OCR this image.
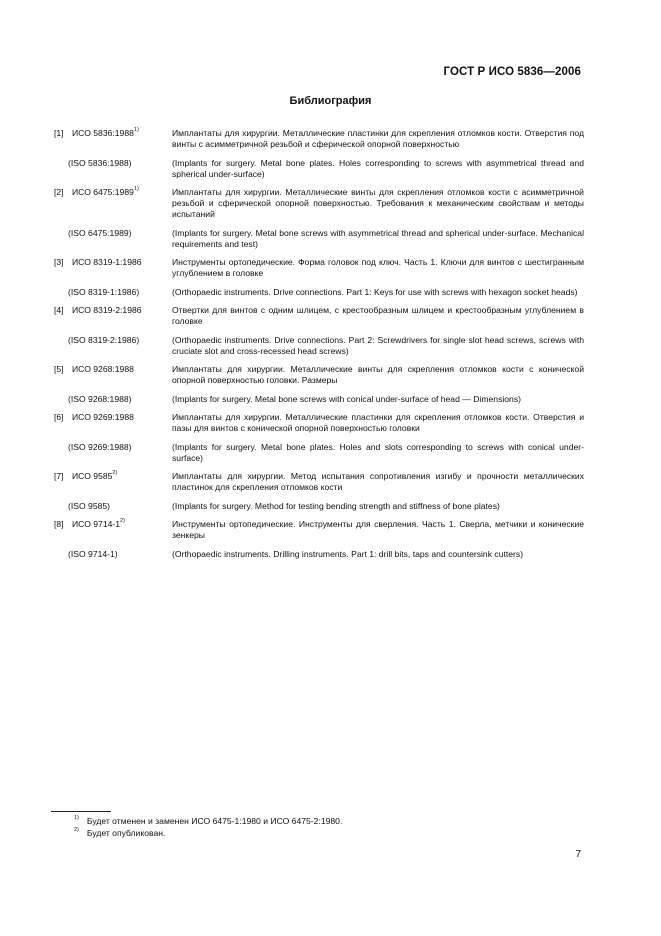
ГОСТ Р ИСО 5836—2006
Библиография
[1] ИСО 5836:1988$^{1)}$	Имплантаты для хирургии. Металлические пластинки для скрепления отломков кости. Отверстия под винты с асимметричной резьбой и сферической опорной поверхностью
(ISO 5836:1988)	(Implants for surgery. Metal bone plates. Holes corresponding to screws with asymmetrical thread and spherical under-surface)
[2] ИСО 6475:1989$^{1)}$	Имплантаты для хирургии. Металлические винты для скрепления отломков кости с асимметричной резьбой и сферической опорной поверхностью. Требования к механическим свойствам и методы испытаний
(ISO 6475:1989)	(Implants for surgery. Metal bone screws with asymmetrical thread and spherical under-surface. Mechanical requirements and test)
[3] ИСО 8319-1:1986	Инструменты ортопедические. Форма головок под ключ. Часть 1. Ключи для винтов с шестигранным углублением в головке
(ISO 8319-1:1986)	(Orthopaedic instruments. Drive connections. Part 1: Keys for use with screws with hexagon socket heads)
[4] ИСО 8319-2:1986	Отвертки для винтов с одним шлицем, с крестообразным шлицем и крестообразным углублением в головке
(ISO 8319-2:1986)	(Orthopaedic instruments. Drive connections. Part 2: Screwdrivers for single slot head screws, screws with cruciate slot and cross-recessed head screws)
[5] ИСО 9268:1988	Имплантаты для хирургии. Металлические винты для скрепления отломков кости с конической опорной поверхностью головки. Размеры
(ISO 9268:1988)	(Implants for surgery. Metal bone screws with conical under-surface of head — Dimensions)
[6] ИСО 9269:1988	Имплантаты для хирургии. Металлические пластинки для скрепления отломков кости. Отверстия и пазы для винтов с конической опорной поверхностью головки
(ISO 9269:1988)	(Implants for surgery. Metal bone plates. Holes and slots corresponding to screws with conical under-surface)
[7] ИСО 9585$^{2)}$	Имплантаты для хирургии. Метод испытания сопротивления изгибу и прочности металлических пластинок для скрепления отломков кости
(ISO 9585)	(Implants for surgery. Method for testing bending strength and stiffness of bone plates)
[8] ИСО 9714-1$^{2)}$	Инструменты ортопедические. Инструменты для сверления. Часть 1. Сверла, метчики и конические зенкеры
(ISO 9714-1)	(Orthopaedic instruments. Drilling instruments. Part 1: drill bits, taps and countersink cutters)
$^{1)}$ Будет отменен и заменен ИСО 6475-1:1980 и ИСО 6475-2:1980.
$^{2)}$ Будет опубликован.
7
